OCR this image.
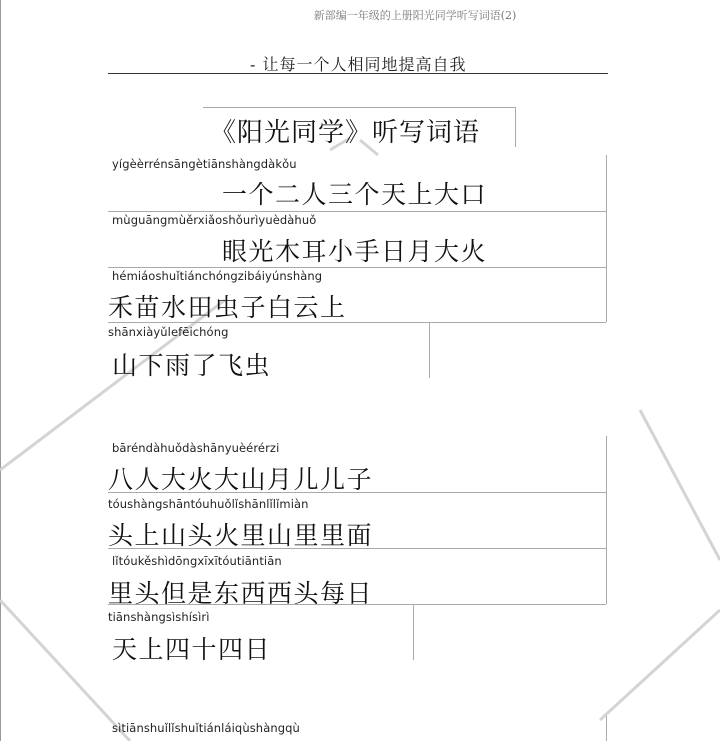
新部编一年级的上册阳光同学听写词语(2)
- 让每一个人相同地提高自我
《阳光同学》听写词语
yígèèrrénsāngètiānshàngdàkǒu
一个二人三个天上大口
mùguāngmùěrxiǎoshǒurìyuèdàhuǒ
眼光木耳小手日月大火
hémiáoshuǐtiánchóngzibáiyúnshàng
禾苗水田虫子白云上
shānxiàyǔlefēichóng
山下雨了飞虫
bāréndàhuǒdàshānyuèérérzi
八人大火大山月儿儿子
tóushàngshāntóuhuǒlǐshānlǐlǐmiàn
头上山头火里山里里面
lǐtóukěshìdōngxīxītóutiāntiān
里头但是东西西头每日
tiānshàngsìshísìrì
天上四十四日
sìtiānshuǐlǐshuǐtiánláiqùshàngqù
